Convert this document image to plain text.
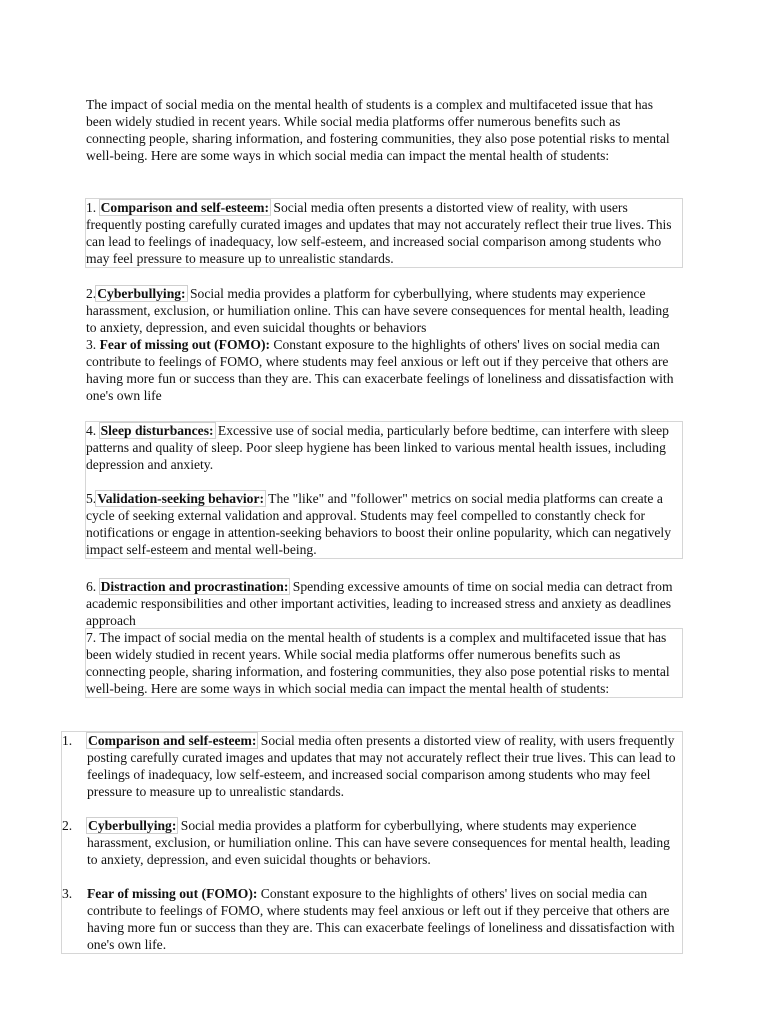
The impact of social media on the mental health of students is a complex and multifaceted issue that has been widely studied in recent years. While social media platforms offer numerous benefits such as connecting people, sharing information, and fostering communities, they also pose potential risks to mental well-being. Here are some ways in which social media can impact the mental health of students:

1. Comparison and self-esteem: Social media often presents a distorted view of reality, with users frequently posting carefully curated images and updates that may not accurately reflect their true lives. This can lead to feelings of inadequacy, low self-esteem, and increased social comparison among students who may feel pressure to measure up to unrealistic standards.

2.Cyberbullying: Social media provides a platform for cyberbullying, where students may experience harassment, exclusion, or humiliation online. This can have severe consequences for mental health, leading to anxiety, depression, and even suicidal thoughts or behaviors

3. Fear of missing out (FOMO): Constant exposure to the highlights of others' lives on social media can contribute to feelings of FOMO, where students may feel anxious or left out if they perceive that others are having more fun or success than they are. This can exacerbate feelings of loneliness and dissatisfaction with one's own life

4. Sleep disturbances: Excessive use of social media, particularly before bedtime, can interfere with sleep patterns and quality of sleep. Poor sleep hygiene has been linked to various mental health issues, including depression and anxiety.

5.Validation-seeking behavior: The "like" and "follower" metrics on social media platforms can create a cycle of seeking external validation and approval. Students may feel compelled to constantly check for notifications or engage in attention-seeking behaviors to boost their online popularity, which can negatively impact self-esteem and mental well-being.

6. Distraction and procrastination: Spending excessive amounts of time on social media can detract from academic responsibilities and other important activities, leading to increased stress and anxiety as deadlines approach

7. The impact of social media on the mental health of students is a complex and multifaceted issue that has been widely studied in recent years. While social media platforms offer numerous benefits such as connecting people, sharing information, and fostering communities, they also pose potential risks to mental well-being. Here are some ways in which social media can impact the mental health of students:

1. Comparison and self-esteem: Social media often presents a distorted view of reality, with users frequently posting carefully curated images and updates that may not accurately reflect their true lives. This can lead to feelings of inadequacy, low self-esteem, and increased social comparison among students who may feel pressure to measure up to unrealistic standards.
2. Cyberbullying: Social media provides a platform for cyberbullying, where students may experience harassment, exclusion, or humiliation online. This can have severe consequences for mental health, leading to anxiety, depression, and even suicidal thoughts or behaviors.
3. Fear of missing out (FOMO): Constant exposure to the highlights of others' lives on social media can contribute to feelings of FOMO, where students may feel anxious or left out if they perceive that others are having more fun or success than they are. This can exacerbate feelings of loneliness and dissatisfaction with one's own life.
